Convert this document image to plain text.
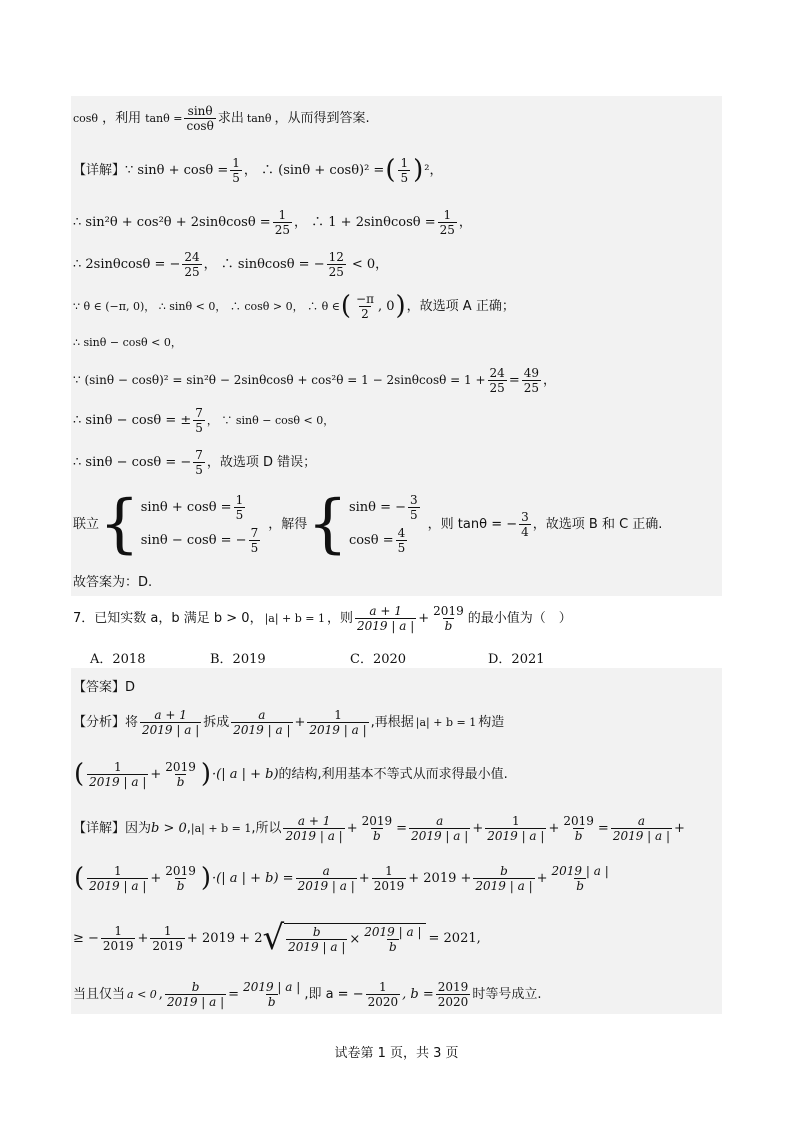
cosθ ，利用 $\tan\theta = \frac{\sin\theta}{\cos\theta}$ 求出 tanθ ，从而得到答案.
【详解】 ∵ $\sin\theta + \cos\theta = \frac{1}{5}$ ， ∴ (sinθ + cosθ)² = ( $\frac{1}{5}$ ) ²，
∴ $\sin^2\theta + \cos^2\theta + 2\sin\theta\cos\theta = \frac{1}{25}$ ， ∴ $1 + 2\sin\theta\cos\theta = \frac{1}{25}$ ，
∴ 2sinθcosθ = − $\frac{24}{25}$ ， ∴ sinθcosθ = − $\frac{12}{25} < 0$，
∵ θ ∈ (−π, 0)， ∴ sinθ < 0， ∴ cosθ > 0， ∴ θ ∈ ( $\frac{-\pi}{2}$ , 0 ) ，故选项 A 正确；
∴ sinθ − cosθ < 0，
∵ $(\sin\theta - \cos\theta)^2 = \sin^2\theta - 2\sin\theta\cos\theta + \cos^2\theta = 1 - 2\sin\theta\cos\theta = 1 + \frac{24}{25} = \frac{49}{25}$ ，
∴ sinθ − cosθ = ± $\frac{7}{5}$ ， ∵ sinθ − cosθ < 0，
∴ sinθ − cosθ = − $\frac{7}{5}$ ，故选项 D 错误；
联立 { $\sin\theta + \cos\theta = \frac{1}{5}$
sinθ − cosθ = − $\frac{7}{5}$
，解得 { sinθ = − $\frac{3}{5}$
$\cos\theta = \frac{4}{5}$
，则 tanθ = − $\frac{3}{4}$ ，故选项 B 和 C 正确.
故答案为：D.
7．已知实数 a，b 满足 b > 0， |a| + b = 1 ，则 $\frac{a + 1}{2019 | a |} + \frac{2019}{b}$ 的最小值为（　）
A．2018	B．2019	C．2020	D．2021
【答案】D
【分析】将 $\frac{a + 1}{2019 | a |}$ 拆成 $\frac{a}{2019 | a |} + \frac{1}{2019 | a |}$ ,再根据 |a| + b = 1 构造
( $\frac{1}{2019 | a |} + \frac{2019}{b}$ ) ·(| a | + b) 的结构,利用基本不等式从而求得最小值.
【详解】因为 b > 0 , |a| + b = 1 ,所以 $\frac{a + 1}{2019 | a |} + \frac{2019}{b} = \frac{a}{2019 | a |} + \frac{1}{2019 | a |} + \frac{2019}{b} = \frac{a}{2019 | a |}$ +
( $\frac{1}{2019 | a |} + \frac{2019}{b}$ ) ·(| a | + $b) = \frac{a}{2019 | a |} + \frac{1}{2019} + 2019 + \frac{b}{2019 | a |} + \frac{2019 | a |}{b}$
≥ − $\frac{1}{2019} + \frac{1}{2019} + 2019 + 2$ √ $\frac{b}{2019 | a |} \times \frac{2019 | a |}{b} = 2021$,
当且仅当 a < 0 , $\frac{b}{2019 | a |} = \frac{2019 | a |}{b}$ ,即 a = − $\frac{1}{2020}$ , $b = \frac{2019}{2020}$ 时等号成立.
试卷第 1 页，共 3 页
